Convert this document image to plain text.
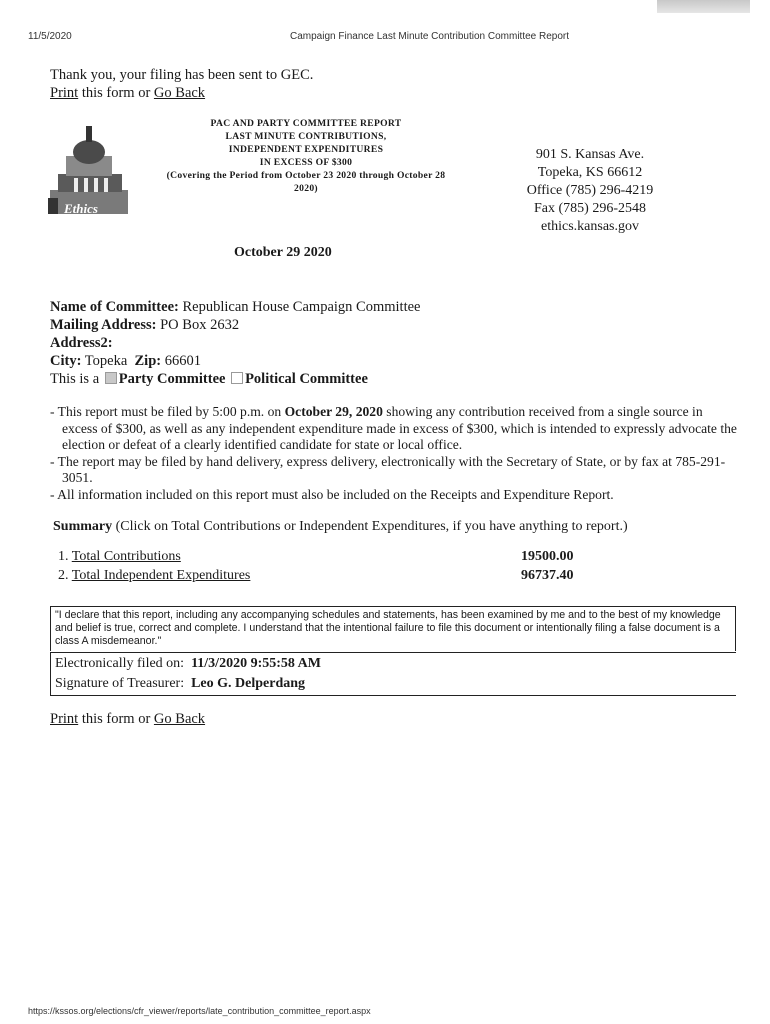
11/5/2020	Campaign Finance Last Minute Contribution Committee Report
Thank you, your filing has been sent to GEC.
Print this form or Go Back
Ethics
PAC AND PARTY COMMITTEE REPORT
LAST MINUTE CONTRIBUTIONS,
INDEPENDENT EXPENDITURES
IN EXCESS OF $300
(Covering the Period from October 23 2020 through October 28
2020)
901 S. Kansas Ave.
Topeka, KS 66612
Office (785) 296-4219
Fax (785) 296-2548
ethics.kansas.gov
October 29 2020
Name of Committee: Republican House Campaign Committee
Mailing Address: PO Box 2632
Address2:
City: Topeka Zip: 66601
This is a Party Committee Political Committee
- This report must be filed by 5:00 p.m. on October 29, 2020 showing any contribution received from a single source in excess of $300, as well as any independent expenditure made in excess of $300, which is intended to expressly advocate the election or defeat of a clearly identified candidate for state or local office.
- The report may be filed by hand delivery, express delivery, electronically with the Secretary of State, or by fax at 785-291-3051.
- All information included on this report must also be included on the Receipts and Expenditure Report.
Summary (Click on Total Contributions or Independent Expenditures, if you have anything to report.)
1. Total Contributions	19500.00
2. Total Independent Expenditures	96737.40
"I declare that this report, including any accompanying schedules and statements, has been examined by me and to the best of my knowledge and belief is true, correct and complete. I understand that the intentional failure to file this document or intentionally filing a false document is a class A misdemeanor."
Electronically filed on: 11/3/2020 9:55:58 AM
Signature of Treasurer: Leo G. Delperdang
Print this form or Go Back
https://kssos.org/elections/cfr_viewer/reports/late_contribution_committee_report.aspx
